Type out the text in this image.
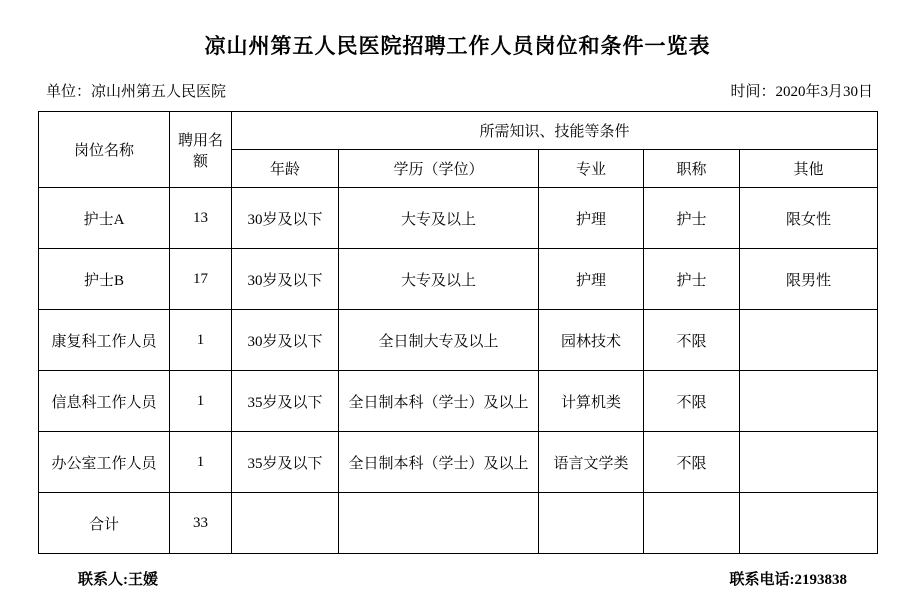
凉山州第五人民医院招聘工作人员岗位和条件一览表
单位：凉山州第五人民医院	时间：2020年3月30日
岗位名称	聘用名额	所需知识、技能等条件				
		年龄	学历（学位）	专业	职称	其他
护士A	13	30岁及以下	大专及以上	护理	护士	限女性
护士B	17	30岁及以下	大专及以上	护理	护士	限男性
康复科工作人员	1	30岁及以下	全日制大专及以上	园林技术	不限	
信息科工作人员	1	35岁及以下	全日制本科（学士）及以上	计算机类	不限	
办公室工作人员	1	35岁及以下	全日制本科（学士）及以上	语言文学类	不限	
合计	33					
联系人:王媛	联系电话:2193838
